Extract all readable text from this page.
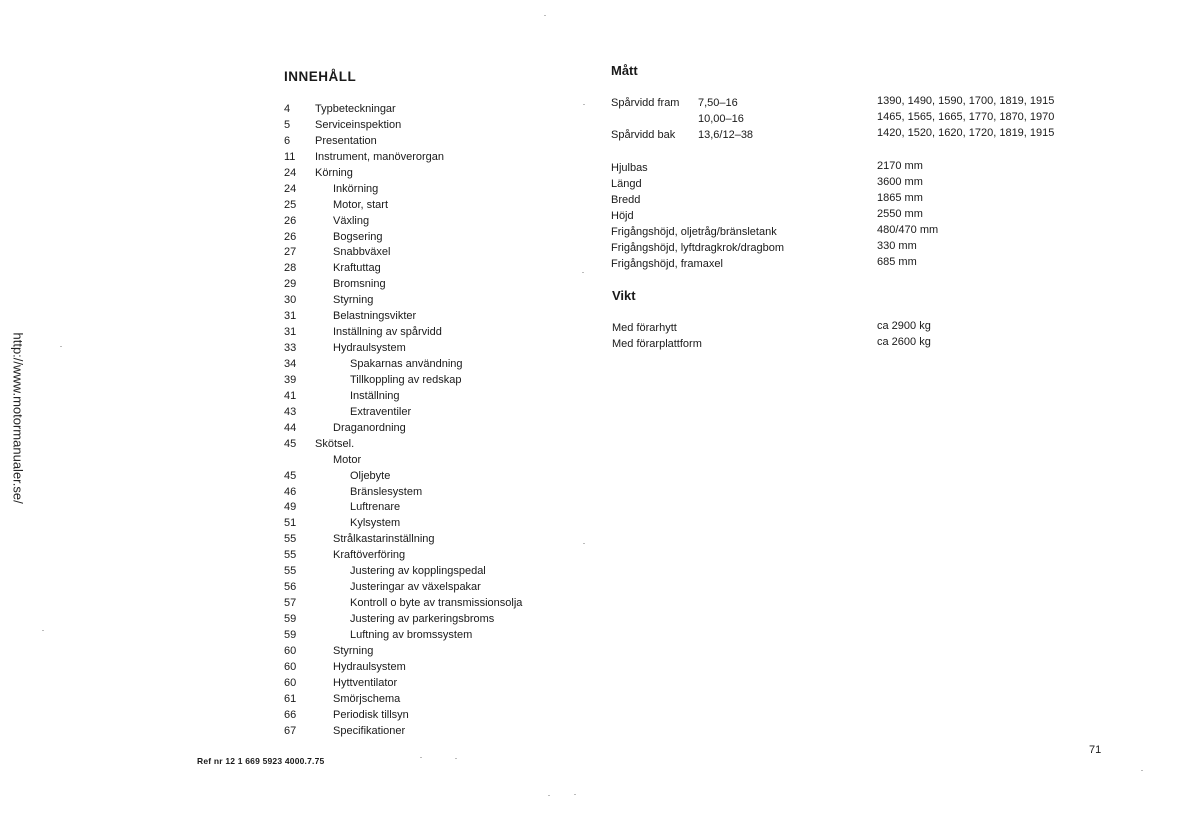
http://www.motormanualer.se/
INNEHÅLL
4	Typbeteckningar
5	Serviceinspektion
6	Presentation
11	Instrument, manöverorgan
24	Körning
24	Inkörning
25	Motor, start
26	Växling
26	Bogsering
27	Snabbväxel
28	Kraftuttag
29	Bromsning
30	Styrning
31	Belastningsvikter
31	Inställning av spårvidd
33	Hydraulsystem
34	Spakarnas användning
39	Tillkoppling av redskap
41	Inställning
43	Extraventiler
44	Draganordning
45	Skötsel.
Motor
45	Oljebyte
46	Bränslesystem
49	Luftrenare
51	Kylsystem
55	Strålkastarinställning
55	Kraftöverföring
55	Justering av kopplingspedal
56	Justeringar av växelspakar
57	Kontroll o byte av transmissionsolja
59	Justering av parkeringsbroms
59	Luftning av bromssystem
60	Styrning
60	Hydraulsystem
60	Hyttventilator
61	Smörjschema
66	Periodisk tillsyn
67	Specifikationer
Mått
Spårvidd fram 7,50–16	1390, 1490, 1590, 1700, 1819, 1915
10,00–16	1465, 1565, 1665, 1770, 1870, 1970
Spårvidd bak 13,6/12–38	1420, 1520, 1620, 1720, 1819, 1915
Hjulbas	2170 mm
Längd	3600 mm
Bredd	1865 mm
Höjd	2550 mm
Frigångshöjd, oljetråg/bränsletank	480/470 mm
Frigångshöjd, lyftdragkrok/dragbom	330 mm
Frigångshöjd, framaxel	685 mm
Vikt
Med förarhytt	ca 2900 kg
Med förarplattform	ca 2600 kg
Ref nr 12 1 669 5923 4000.7.75
71
